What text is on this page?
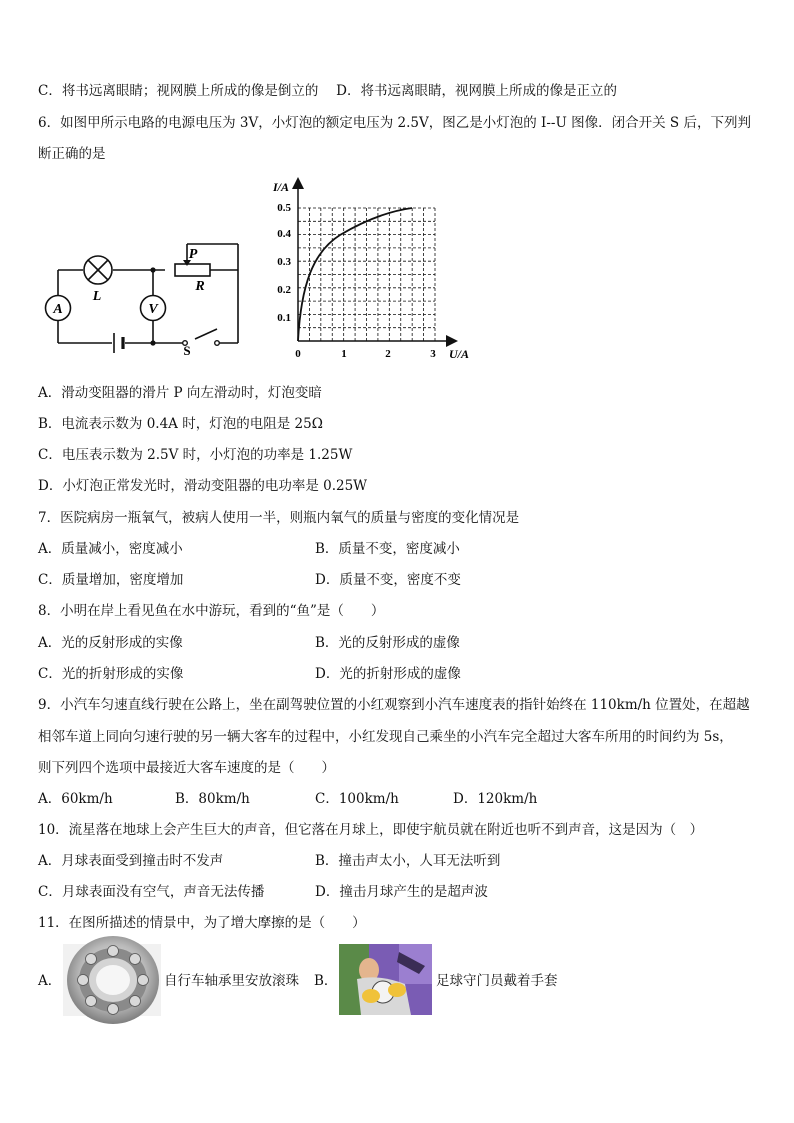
C．将书远离眼睛；视网膜上所成的像是倒立的　 D．将书远离眼睛，视网膜上所成的像是正立的
6．如图甲所示电路的电源电压为 3V，小灯泡的额定电压为 2.5V，图乙是小灯泡的 I--U 图像．闭合开关 S 后，下列判
断正确的是
A	V
L
P
R
S
I/A
U/A
0.1
0.2
0.3
0.4
0.5
0	1	2	3
A．滑动变阻器的滑片 P 向左滑动时，灯泡变暗
B．电流表示数为 0.4A 时，灯泡的电阻是 25Ω
C．电压表示数为 2.5V 时，小灯泡的功率是 1.25W
D．小灯泡正常发光时，滑动变阻器的电功率是 0.25W
7．医院病房一瓶氧气，被病人使用一半，则瓶内氧气的质量与密度的变化情况是
A．质量减小，密度减小	B．质量不变，密度减小
C．质量增加，密度增加	D．质量不变，密度不变
8．小明在岸上看见鱼在水中游玩，看到的“鱼”是（　　）
A．光的反射形成的实像	B．光的反射形成的虚像
C．光的折射形成的实像	D．光的折射形成的虚像
9．小汽车匀速直线行驶在公路上，坐在副驾驶位置的小红观察到小汽车速度表的指针始终在 110km/h 位置处，在超越
相邻车道上同向匀速行驶的另一辆大客车的过程中，小红发现自己乘坐的小汽车完全超过大客车所用的时间约为 5s，
则下列四个选项中最接近大客车速度的是（　　）
A．60km/h	B．80km/h	C．100km/h	D．120km/h
10．流星落在地球上会产生巨大的声音，但它落在月球上，即使宇航员就在附近也听不到声音，这是因为（　）
A．月球表面受到撞击时不发声	B．撞击声太小，人耳无法听到
C．月球表面没有空气，声音无法传播	D．撞击月球产生的是超声波
11．在图所描述的情景中，为了增大摩擦的是（　　）
A．	自行车轴承里安放滚珠 B．	足球守门员戴着手套
